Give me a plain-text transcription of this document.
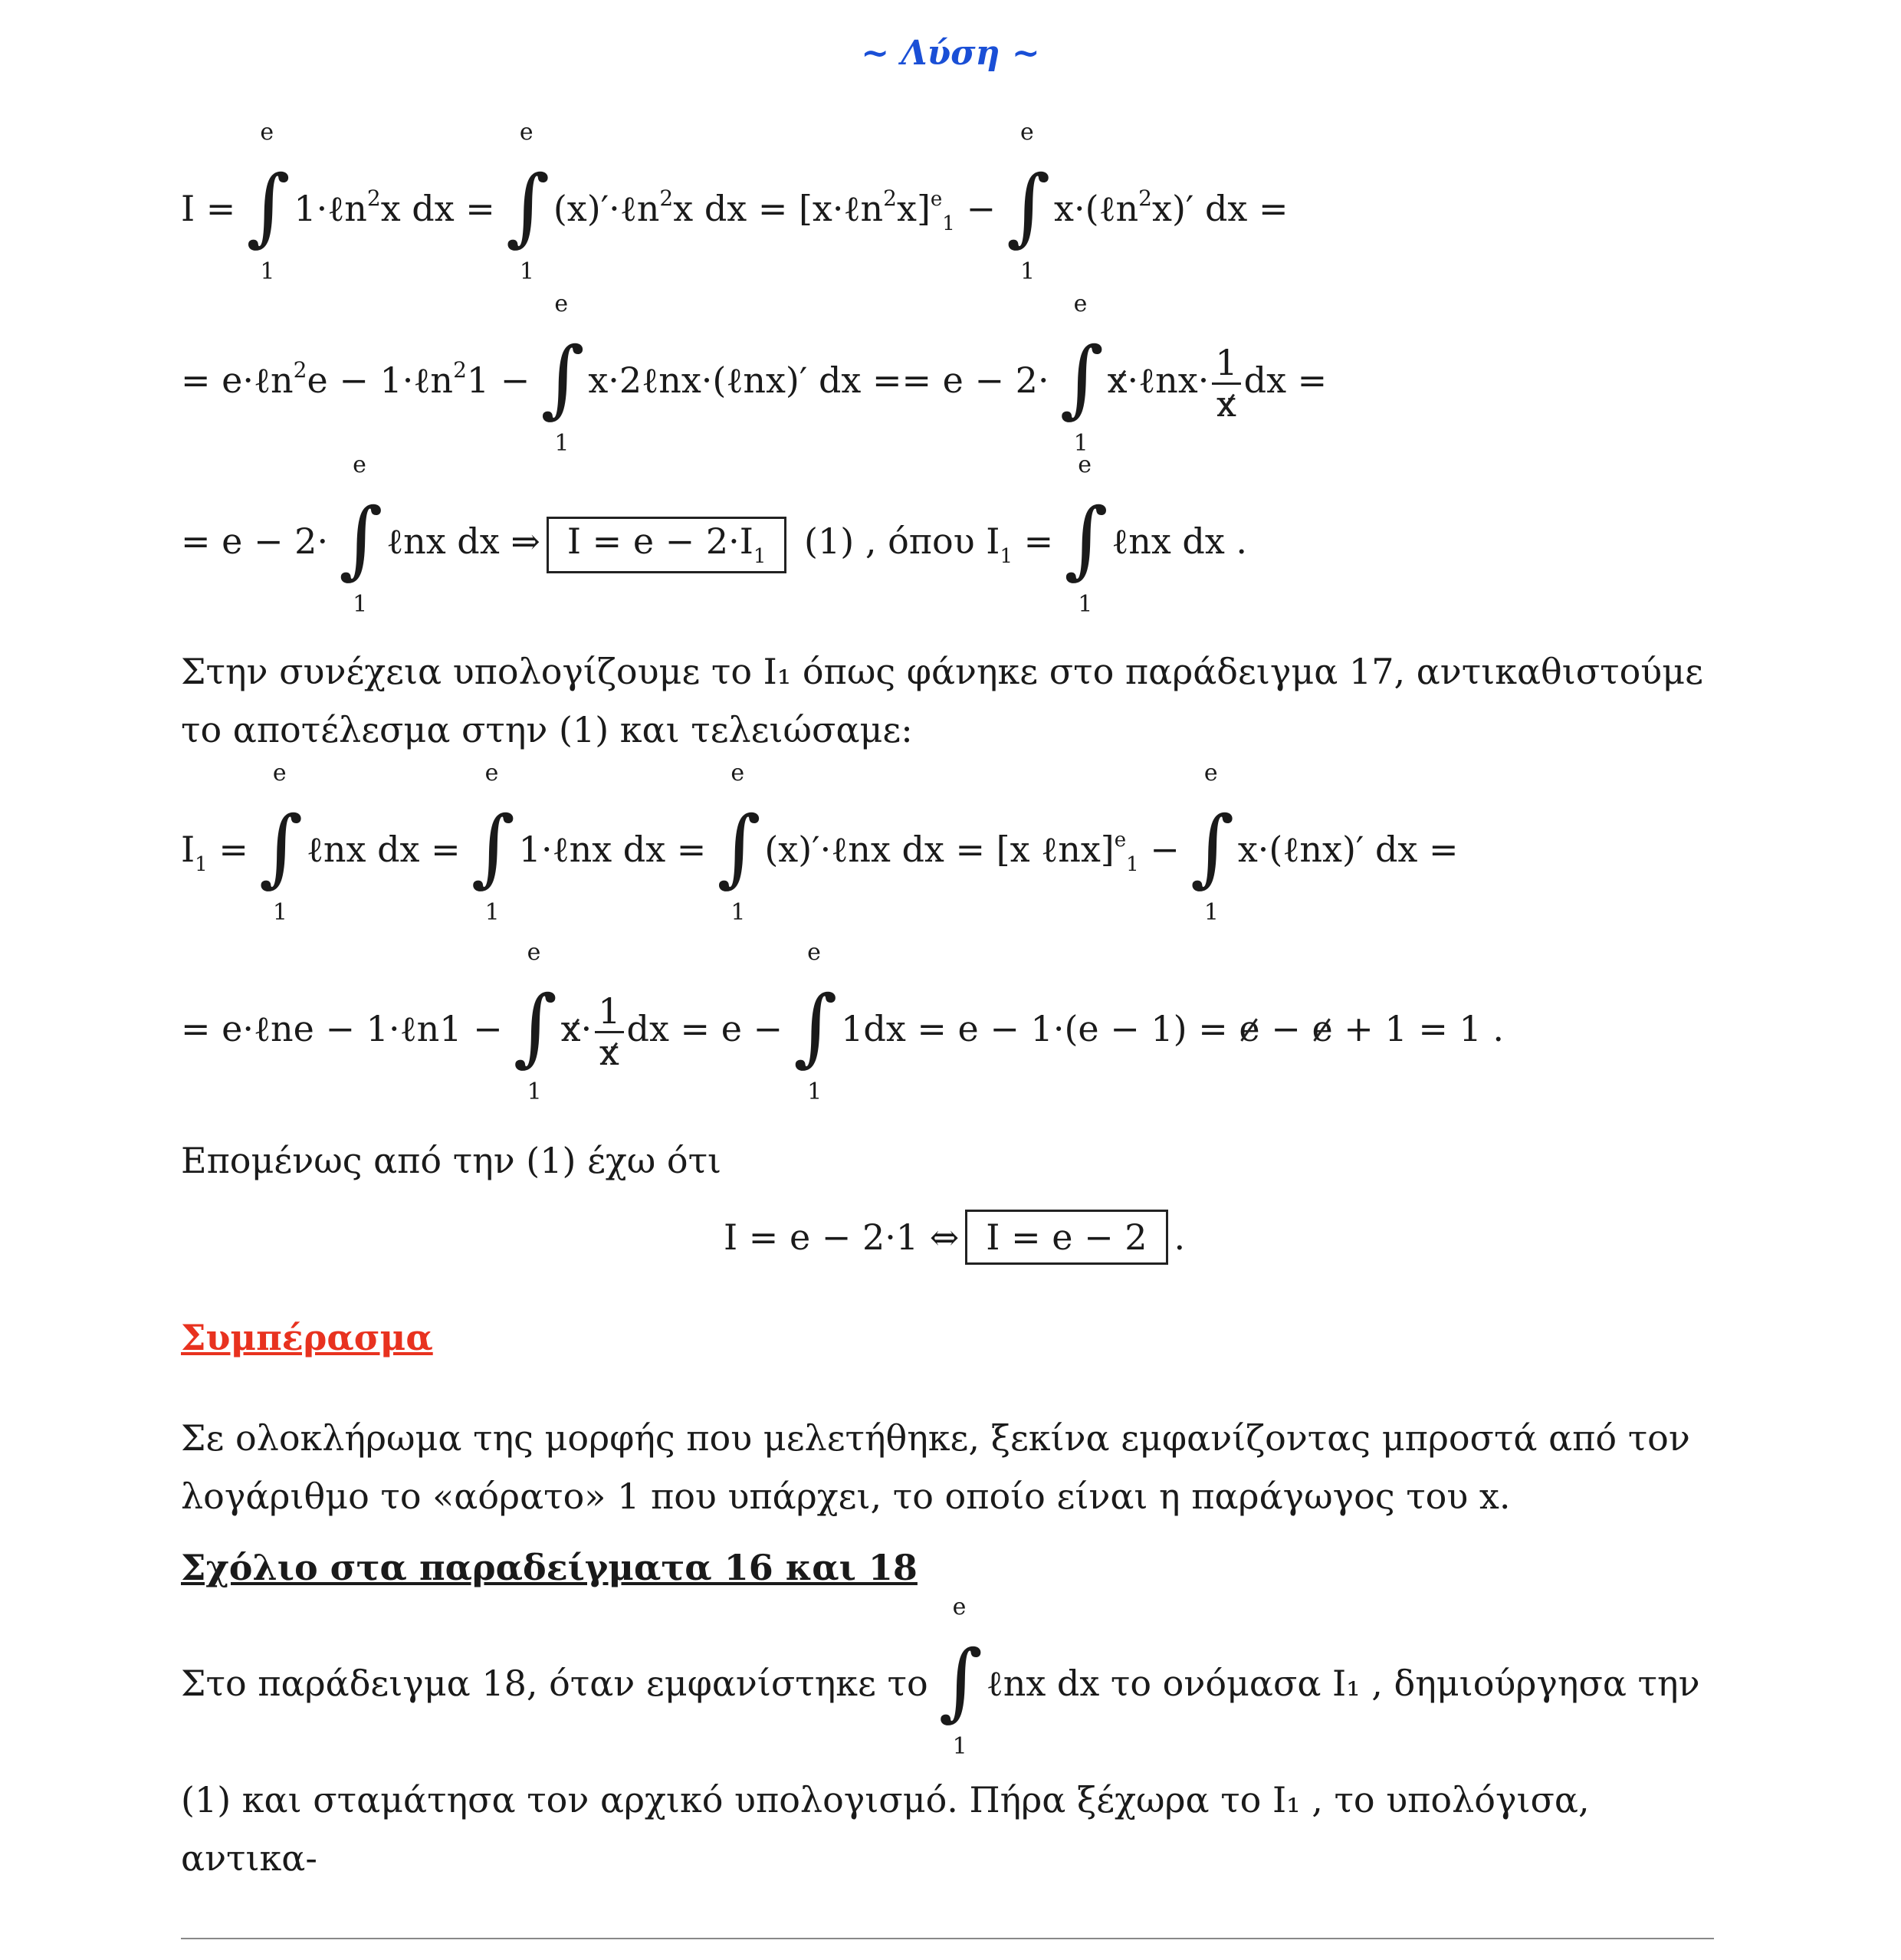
~ Λύση ~
I =
e
∫
1
1·ℓn$^2$x dx =
e
∫
1
(x)′·ℓn$^2$x dx = [x·ℓn$^2$x]$^e_1$ −
e
∫
1
x·(ℓn$^2$x)′ dx =
= e·ℓn$^2$e − 1·ℓn$^2$1 −
e
∫
1
x·2ℓnx·(ℓnx)′ dx == e − 2·
e
∫
1
x·ℓnx· $\frac{1}{x}$ dx =
= e − 2·
e
∫
1
ℓnx dx ⇒ $I = e - 2\cdot I_1$ (1) , όπου $I_1$ =
e
∫
1
ℓnx dx .
Στην συνέχεια υπολογίζουμε το I₁ όπως φάνηκε στο παράδειγμα 17, αντικαθιστούμε
το αποτέλεσμα στην (1) και τελειώσαμε:
$I_1$ =
e
∫
1
ℓnx dx =
e
∫
1
1·ℓnx dx =
e
∫
1
(x)′·ℓnx dx = [x ℓnx]$^e_1$ −
e
∫
1
x·(ℓnx)′ dx =
= e·ℓne − 1·ℓn1 −
e
∫
1
$x\cdot \frac{1}{x}$ dx = e −
e
∫
1
1dx = e − 1·(e − 1) = e − e + 1 = 1 .
Επομένως από την (1) έχω ότι
I = e − 2·1 ⇔ I = e − 2 .
Συμπέρασμα
Σε ολοκλήρωμα της μορφής που μελετήθηκε, ξεκίνα εμφανίζοντας μπροστά από τον
λογάριθμο το «αόρατο» 1 που υπάρχει, το οποίο είναι η παράγωγος του x.
Σχόλιο στα παραδείγματα 16 και 18
Στο παράδειγμα 18, όταν εμφανίστηκε το
e
∫
1
ℓnx dx το ονόμασα I₁ , δημιούργησα την
(1) και σταμάτησα τον αρχικό υπολογισμό. Πήρα ξέχωρα το I₁ , το υπολόγισα, αντικα-
